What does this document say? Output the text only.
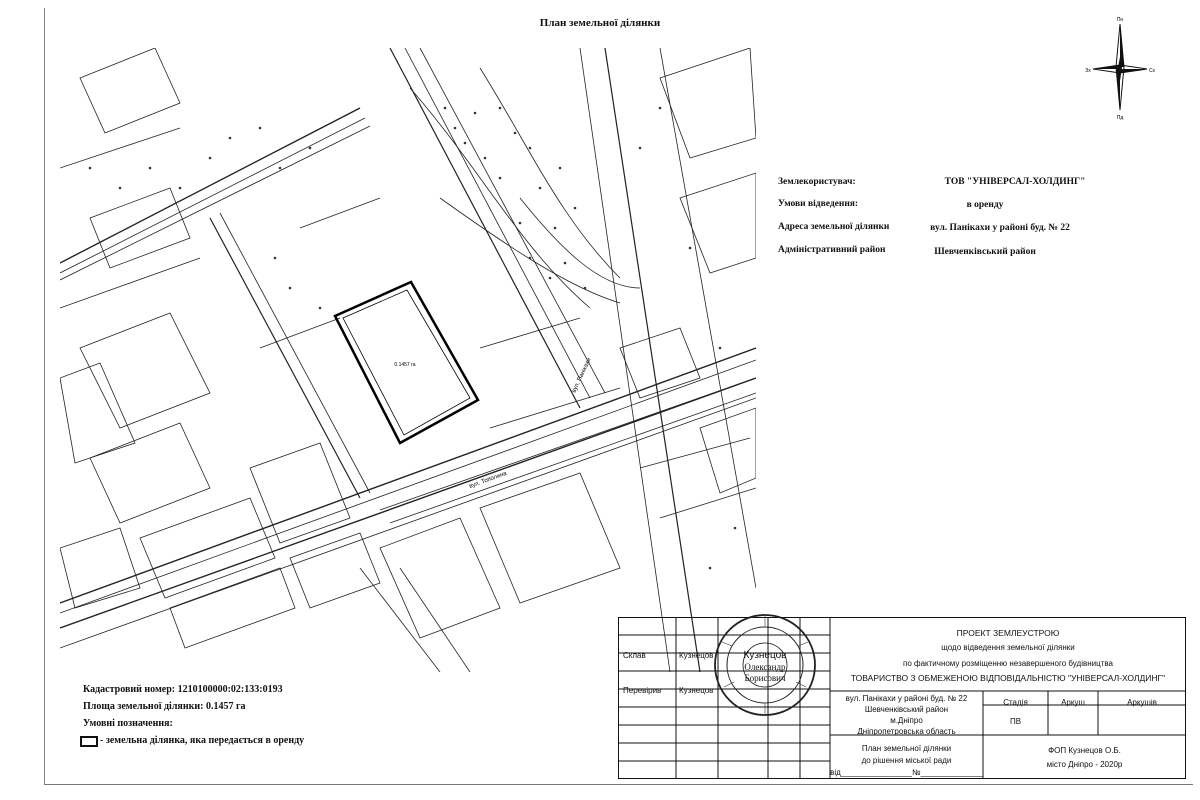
План земельної ділянки	Пн
Пд
Зх	Сх
0.1457 га	вул. Панікахи
вул. Тополина
Землекористувач:	ТОВ "УНІВЕРСАЛ-ХОЛДИНГ"
Умови відведення:	в оренду
Адреса земельної ділянки	вул. Панікахи у районі буд. № 22
Адміністративний район	Шевченківський район
Кадастровий номер: 1210100000:02:133:0193
Площа земельної ділянки: 0.1457 га
Умовні позначення:
- земельна ділянка, яка передається в оренду
Склав	Кузнецов
Перевірив Кузнецов
ПРОЕКТ ЗЕМЛЕУСТРОЮ
щодо відведення земельної ділянки
по фактичному розміщенню незавершеного будівництва
ТОВАРИСТВО З ОБМЕЖЕНОЮ ВІДПОВІДАЛЬНІСТЮ "УНІВЕРСАЛ-ХОЛДИНГ"
вул. Панікахи у районі буд. № 22
Шевченківський район
м.Дніпро
Дніпропетровська область
Стадія	Аркуш	Аркушів
ПВ
План земельної ділянки
до рішення міської ради
від________________№______________
ФОП Кузнецов О.Б.
місто Дніпро - 2020р
Кузнецов
Олександр
Борисович
